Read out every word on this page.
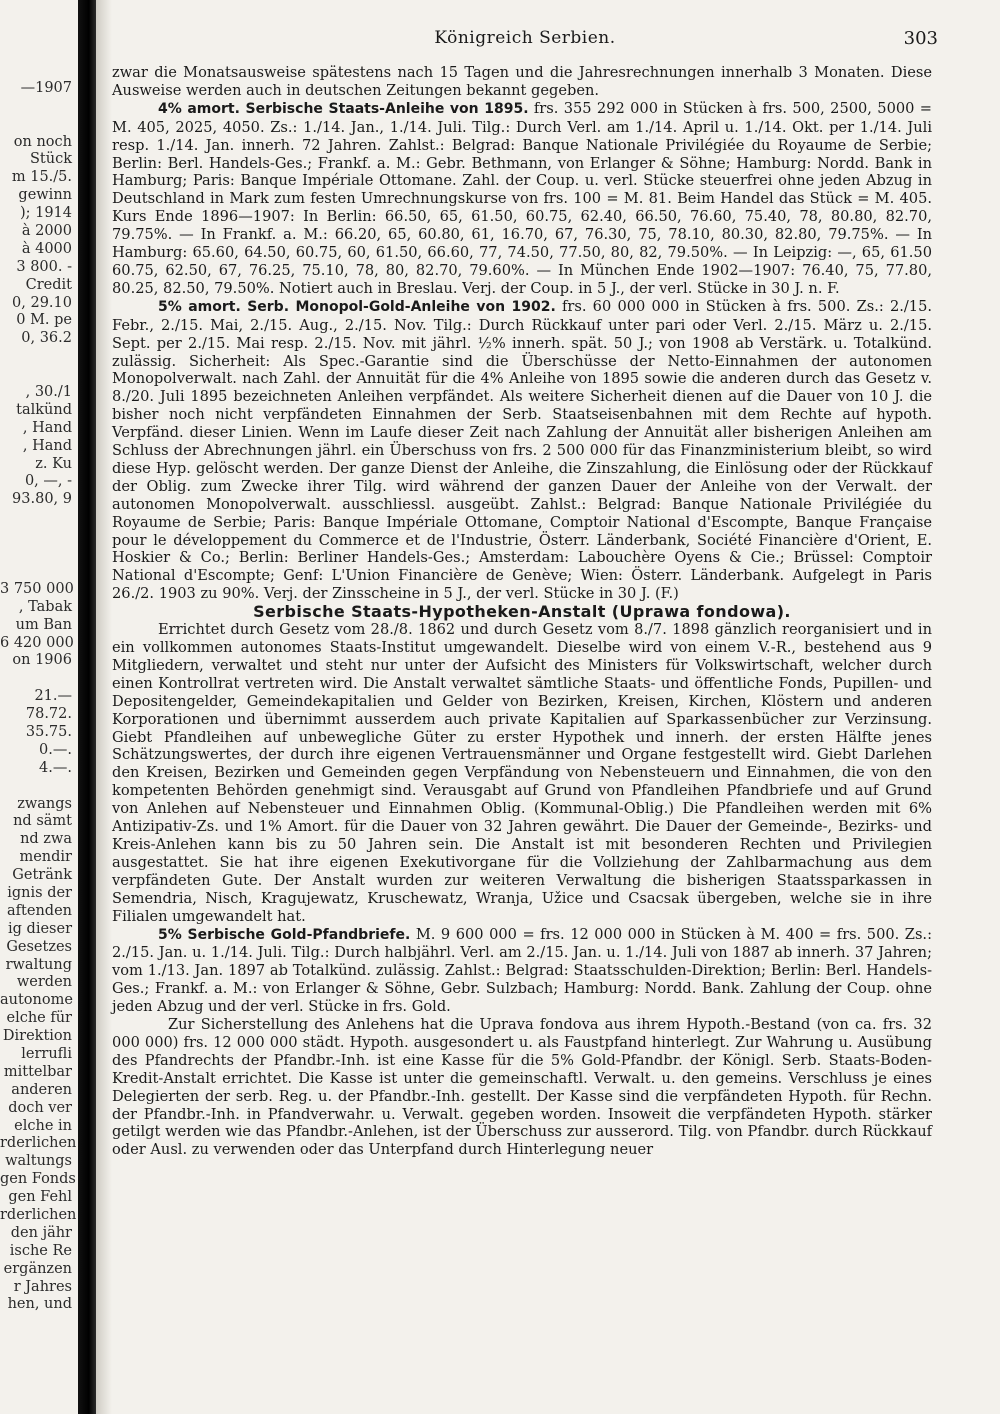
—1907
on noch
Stück
m 15./5.
gewinn
); 1914
à 2000
à 4000
3 800. -
Credit
0, 29.10
0 M. pe
0, 36.2
, 30./1
talkünd
, Hand
, Hand
z. Ku
0, —, -
93.80, 9
3 750 000
, Tabak
um Ban
6 420 000
on 1906
21.—
78.72.
35.75.
0.—.
4.—.
zwangs
nd sämt
nd zwa
mendir
Getränk
ignis der
aftenden
ig dieser
Gesetzes
rwaltung
werden
autonome
elche für
Direktion
lerrufli
mittelbar
anderen
doch ver
elche in
rderlichen
waltungs
gen Fonds
gen Fehl
rderlichen
den jähr
ische Re
ergänzen
r Jahres
hen, und
Königreich Serbien.	303

zwar die Monatsausweise spätestens nach 15 Tagen und die Jahresrechnungen innerhalb 3 Monaten. Diese Ausweise werden auch in deutschen Zeitungen bekannt gegeben.

4% amort. Serbische Staats-Anleihe von 1895. frs. 355 292 000 in Stücken à frs. 500, 2500, 5000 = M. 405, 2025, 4050. Zs.: 1./14. Jan., 1./14. Juli. Tilg.: Durch Verl. am 1./14. April u. 1./14. Okt. per 1./14. Juli resp. 1./14. Jan. innerh. 72 Jahren. Zahlst.: Belgrad: Banque Nationale Privilégiée du Royaume de Serbie; Berlin: Berl. Handels-Ges.; Frankf. a. M.: Gebr. Bethmann, von Erlanger & Söhne; Hamburg: Nordd. Bank in Hamburg; Paris: Banque Impériale Ottomane. Zahl. der Coup. u. verl. Stücke steuerfrei ohne jeden Abzug in Deutschland in Mark zum festen Umrechnungskurse von frs. 100 = M. 81. Beim Handel das Stück = M. 405. Kurs Ende 1896—1907: In Berlin: 66.50, 65, 61.50, 60.75, 62.40, 66.50, 76.60, 75.40, 78, 80.80, 82.70, 79.75%. — In Frankf. a. M.: 66.20, 65, 60.80, 61, 16.70, 67, 76.30, 75, 78.10, 80.30, 82.80, 79.75%. — In Hamburg: 65.60, 64.50, 60.75, 60, 61.50, 66.60, 77, 74.50, 77.50, 80, 82, 79.50%. — In Leipzig: —, 65, 61.50 60.75, 62.50, 67, 76.25, 75.10, 78, 80, 82.70, 79.60%. — In München Ende 1902—1907: 76.40, 75, 77.80, 80.25, 82.50, 79.50%. Notiert auch in Breslau. Verj. der Coup. in 5 J., der verl. Stücke in 30 J. n. F.

5% amort. Serb. Monopol-Gold-Anleihe von 1902. frs. 60 000 000 in Stücken à frs. 500. Zs.: 2./15. Febr., 2./15. Mai, 2./15. Aug., 2./15. Nov. Tilg.: Durch Rückkauf unter pari oder Verl. 2./15. März u. 2./15. Sept. per 2./15. Mai resp. 2./15. Nov. mit jährl. ½% innerh. spät. 50 J.; von 1908 ab Verstärk. u. Totalkünd. zulässig. Sicherheit: Als Spec.-Garantie sind die Überschüsse der Netto-Einnahmen der autonomen Monopolverwalt. nach Zahl. der Annuität für die 4% Anleihe von 1895 sowie die anderen durch das Gesetz v. 8./20. Juli 1895 bezeichneten Anleihen verpfändet. Als weitere Sicherheit dienen auf die Dauer von 10 J. die bisher noch nicht verpfändeten Einnahmen der Serb. Staatseisenbahnen mit dem Rechte auf hypoth. Verpfänd. dieser Linien. Wenn im Laufe dieser Zeit nach Zahlung der Annuität aller bisherigen Anleihen am Schluss der Abrechnungen jährl. ein Überschuss von frs. 2 500 000 für das Finanzministerium bleibt, so wird diese Hyp. gelöscht werden. Der ganze Dienst der Anleihe, die Zinszahlung, die Einlösung oder der Rückkauf der Oblig. zum Zwecke ihrer Tilg. wird während der ganzen Dauer der Anleihe von der Verwalt. der autonomen Monopolverwalt. ausschliessl. ausgeübt. Zahlst.: Belgrad: Banque Nationale Privilégiée du Royaume de Serbie; Paris: Banque Impériale Ottomane, Comptoir National d'Escompte, Banque Française pour le développement du Commerce et de l'Industrie, Österr. Länderbank, Société Financière d'Orient, E. Hoskier & Co.; Berlin: Berliner Handels-Ges.; Amsterdam: Labouchère Oyens & Cie.; Brüssel: Comptoir National d'Escompte; Genf: L'Union Financière de Genève; Wien: Österr. Länderbank. Aufgelegt in Paris 26./2. 1903 zu 90%. Verj. der Zinsscheine in 5 J., der verl. Stücke in 30 J. (F.)

Serbische Staats-Hypotheken-Anstalt (Uprawa fondowa).

Errichtet durch Gesetz vom 28./8. 1862 und durch Gesetz vom 8./7. 1898 gänzlich reorganisiert und in ein vollkommen autonomes Staats-Institut umgewandelt. Dieselbe wird von einem V.-R., bestehend aus 9 Mitgliedern, verwaltet und steht nur unter der Aufsicht des Ministers für Volkswirtschaft, welcher durch einen Kontrollrat vertreten wird. Die Anstalt verwaltet sämtliche Staats- und öffentliche Fonds, Pupillen- und Depositengelder, Gemeindekapitalien und Gelder von Bezirken, Kreisen, Kirchen, Klöstern und anderen Korporationen und übernimmt ausserdem auch private Kapitalien auf Sparkassenbücher zur Verzinsung. Giebt Pfandleihen auf unbewegliche Güter zu erster Hypothek und innerh. der ersten Hälfte jenes Schätzungswertes, der durch ihre eigenen Vertrauensmänner und Organe festgestellt wird. Giebt Darlehen den Kreisen, Bezirken und Gemeinden gegen Verpfändung von Nebensteuern und Einnahmen, die von den kompetenten Behörden genehmigt sind. Verausgabt auf Grund von Pfandleihen Pfandbriefe und auf Grund von Anlehen auf Nebensteuer und Einnahmen Oblig. (Kommunal-Oblig.) Die Pfandleihen werden mit 6% Antizipativ-Zs. und 1% Amort. für die Dauer von 32 Jahren gewährt. Die Dauer der Gemeinde-, Bezirks- und Kreis-Anlehen kann bis zu 50 Jahren sein. Die Anstalt ist mit besonderen Rechten und Privilegien ausgestattet. Sie hat ihre eigenen Exekutivorgane für die Vollziehung der Zahlbarmachung aus dem verpfändeten Gute. Der Anstalt wurden zur weiteren Verwaltung die bisherigen Staatssparkassen in Semendria, Nisch, Kragujewatz, Kruschewatz, Wranja, Užice und Csacsak übergeben, welche sie in ihre Filialen umgewandelt hat.

5% Serbische Gold-Pfandbriefe. M. 9 600 000 = frs. 12 000 000 in Stücken à M. 400 = frs. 500. Zs.: 2./15. Jan. u. 1./14. Juli. Tilg.: Durch halbjährl. Verl. am 2./15. Jan. u. 1./14. Juli von 1887 ab innerh. 37 Jahren; vom 1./13. Jan. 1897 ab Totalkünd. zulässig. Zahlst.: Belgrad: Staatsschulden-Direktion; Berlin: Berl. Handels-Ges.; Frankf. a. M.: von Erlanger & Söhne, Gebr. Sulzbach; Hamburg: Nordd. Bank. Zahlung der Coup. ohne jeden Abzug und der verl. Stücke in frs. Gold.

Zur Sicherstellung des Anlehens hat die Uprava fondova aus ihrem Hypoth.-Bestand (von ca. frs. 32 000 000) frs. 12 000 000 städt. Hypoth. ausgesondert u. als Faustpfand hinterlegt. Zur Wahrung u. Ausübung des Pfandrechts der Pfandbr.-Inh. ist eine Kasse für die 5% Gold-Pfandbr. der Königl. Serb. Staats-Boden-Kredit-Anstalt errichtet. Die Kasse ist unter die gemeinschaftl. Verwalt. u. den gemeins. Verschluss je eines Delegierten der serb. Reg. u. der Pfandbr.-Inh. gestellt. Der Kasse sind die verpfändeten Hypoth. für Rechn. der Pfandbr.-Inh. in Pfandverwahr. u. Verwalt. gegeben worden. Insoweit die verpfändeten Hypoth. stärker getilgt werden wie das Pfandbr.-Anlehen, ist der Überschuss zur ausserord. Tilg. von Pfandbr. durch Rückkauf oder Ausl. zu verwenden oder das Unterpfand durch Hinterlegung neuer
